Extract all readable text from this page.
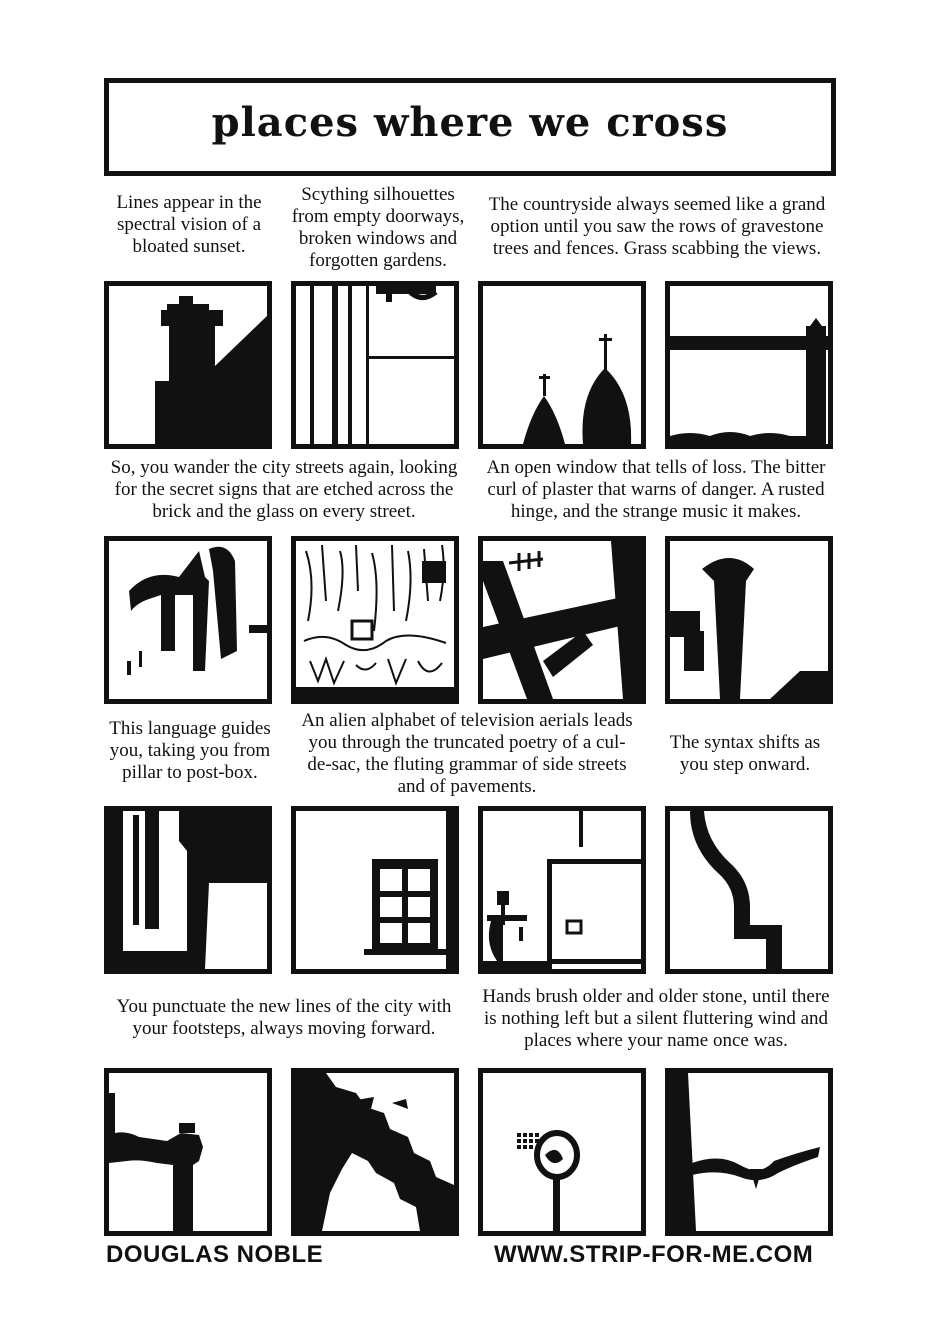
places where we cross
Lines appear in the spectral vision of a bloated sunset.
Scything silhouettes from empty doorways, broken windows and forgotten gardens.
The countryside always seemed like a grand option until you saw the rows of gravestone trees and fences. Grass scabbing the views.
So, you wander the city streets again, looking for the secret signs that are etched across the brick and the glass on every street.
An open window that tells of loss. The bitter curl of plaster that warns of danger. A rusted hinge, and the strange music it makes.
This language guides you, taking you from pillar to post-box.
An alien alphabet of television aerials leads you through the truncated poetry of a cul-de-sac, the fluting grammar of side streets and of pavements.
The syntax shifts as you step onward.
You punctuate the new lines of the city with your footsteps, always moving forward.
Hands brush older and older stone, until there is nothing left but a silent fluttering wind and places where your name once was.
DOUGLAS NOBLE	WWW.STRIP-FOR-ME.COM
